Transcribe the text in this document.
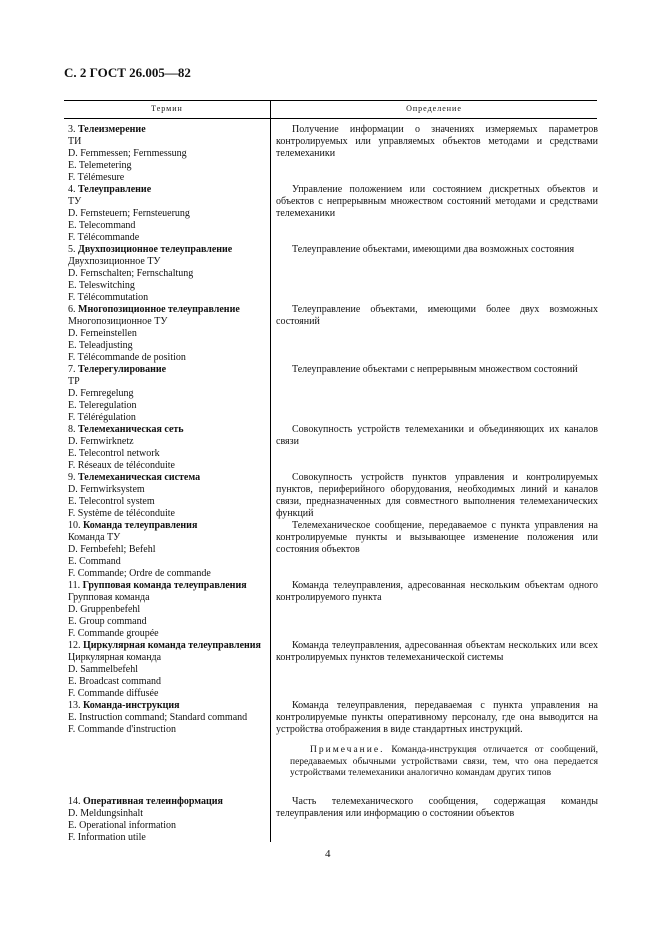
С. 2 ГОСТ 26.005—82
Термин	Определение
3. Телеизмерение
ТИ
D. Fernmessen; Fernmessung
E. Telemetering
F. Télémesure

Получение информации о значениях измеряемых параметров контролируемых или управляемых объектов методами и средствами телемеханики

4. Телеуправление
ТУ
D. Fernsteuern; Fernsteuerung
E. Telecommand
F. Télécommande

Управление положением или состоянием дискретных объектов и объектов с непрерывным множеством состояний методами и средствами телемеханики

5. Двухпозиционное телеуправление
Двухпозиционное ТУ
D. Fernschalten; Fernschaltung
E. Teleswitching
F. Télécommutation

Телеуправление объектами, имеющими два возможных состояния

6. Многопозиционное телеуправление
Многопозиционное ТУ
D. Ferneinstellen
E. Teleadjusting
F. Télécommande de position

Телеуправление объектами, имеющими более двух возможных состояний

7. Телерегулирование
ТР
D. Fernregelung
E. Teleregulation
F. Télérégulation

Телеуправление объектами с непрерывным множеством состояний

8. Телемеханическая сеть
D. Fernwirknetz
E. Telecontrol network
F. Réseaux de téléconduite

Совокупность устройств телемеханики и объединяющих их каналов связи

9. Телемеханическая система
D. Fernwirksystem
E. Telecontrol system
F. Système de téléconduite

Совокупность устройств пунктов управления и контролируемых пунктов, периферийного оборудования, необходимых линий и каналов связи, предназначенных для совместного выполнения телемеханических функций

10. Команда телеуправления
Команда ТУ
D. Fernbefehl; Befehl
E. Command
F. Commande; Ordre de commande

Телемеханическое сообщение, передаваемое с пункта управления на контролируемые пункты и вызывающее изменение положения или состояния объектов

11. Групповая команда телеуправления
Групповая команда
D. Gruppenbefehl
E. Group command
F. Commande groupée

Команда телеуправления, адресованная нескольким объектам одного контролируемого пункта

12. Циркулярная команда телеуправления
Циркулярная команда
D. Sammelbefehl
E. Broadcast command
F. Commande diffusée

Команда телеуправления, адресованная объектам нескольких или всех контролируемых пунктов телемеханической системы

13. Команда-инструкция
E. Instruction command; Standard command
F. Commande d'instruction

Команда телеуправления, передаваемая с пункта управления на контролируемые пункты оперативному персоналу, где она выводится на устройства отображения в виде стандартных инструкций.

Примечание. Команда-инструкция отличается от сообщений, передаваемых обычными устройствами связи, тем, что она передается устройствами телемеханики аналогично командам других типов

14. Оперативная телеинформация
D. Meldungsinhalt
E. Operational information
F. Information utile

Часть телемеханического сообщения, содержащая команды телеуправления или информацию о состоянии объектов

4
